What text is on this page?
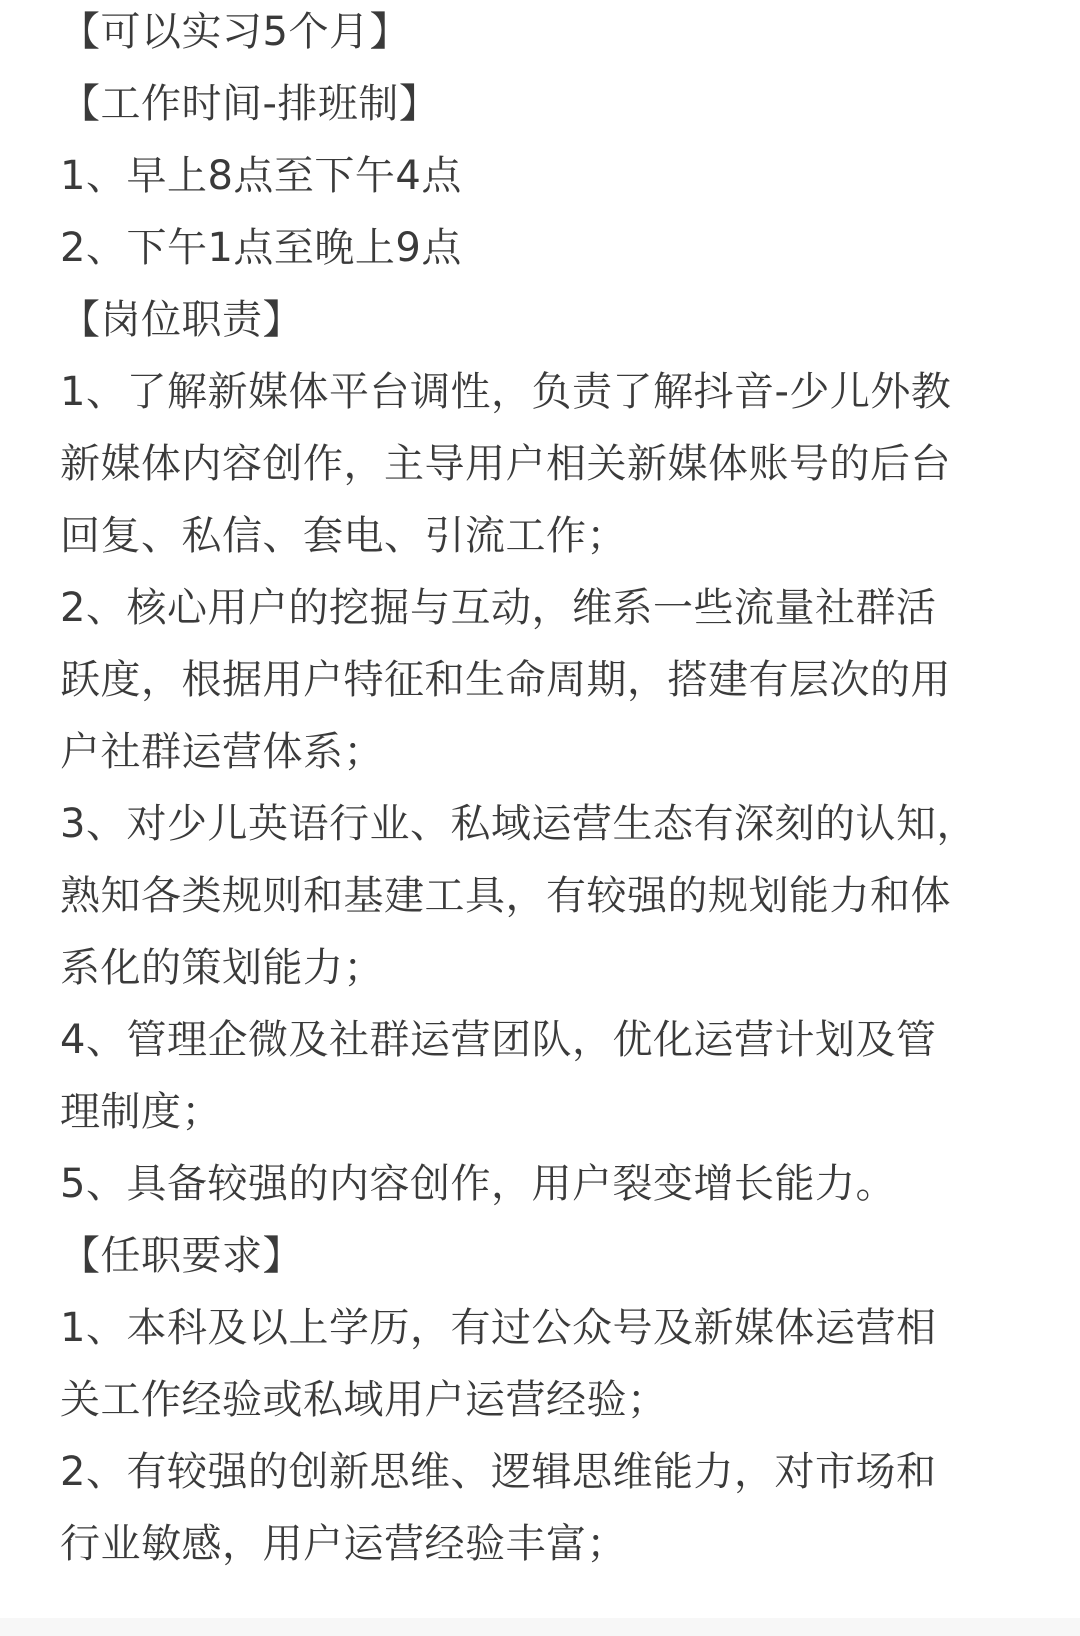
【可以实习5个月】
【工作时间-排班制】
1、早上8点至下午4点
2、下午1点至晚上9点
【岗位职责】
1、了解新媒体平台调性，负责了解抖音-少儿外教
新媒体内容创作，主导用户相关新媒体账号的后台
回复、私信、套电、引流工作；
2、核心用户的挖掘与互动，维系一些流量社群活
跃度，根据用户特征和生命周期，搭建有层次的用
户社群运营体系；
3、对少儿英语行业、私域运营生态有深刻的认知，
熟知各类规则和基建工具，有较强的规划能力和体
系化的策划能力；
4、管理企微及社群运营团队，优化运营计划及管
理制度；
5、具备较强的内容创作，用户裂变增长能力。
【任职要求】
1、本科及以上学历，有过公众号及新媒体运营相
关工作经验或私域用户运营经验；
2、有较强的创新思维、逻辑思维能力，对市场和
行业敏感，用户运营经验丰富；
